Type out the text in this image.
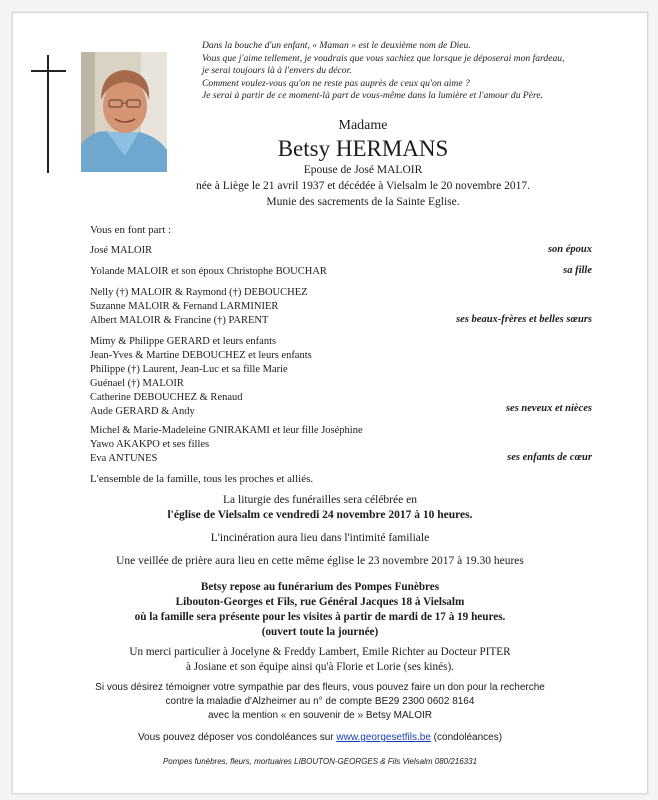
Dans la bouche d'un enfant, « Maman » est le deuxième nom de Dieu.
Vous que j'aime tellement, je voudrais que vous sachiez que lorsque je déposerai mon fardeau,
je serai toujours là à l'envers du décor.
Comment voulez-vous qu'on ne reste pas auprès de ceux qu'on aime ?
Je serai à partir de ce moment-là part de vous-même dans la lumière et l'amour du Père.
Madame
Betsy HERMANS
Epouse de José MALOIR
née à Liège le 21 avril 1937 et décédée à Vielsalm le 20 novembre 2017.
Munie des sacrements de la Sainte Eglise.
Vous en font part :
José MALOIR	son époux
Yolande MALOIR et son époux Christophe BOUCHAR	sa fille
Nelly (†) MALOIR & Raymond (†) DEBOUCHEZ
Suzanne MALOIR & Fernand LARMINIER
Albert MALOIR & Francine (†) PARENT	ses beaux-frères et belles sœurs
Mimy & Philippe GERARD et leurs enfants
Jean-Yves & Martine DEBOUCHEZ et leurs enfants
Philippe (†) Laurent, Jean-Luc et sa fille Marie
Guénael (†) MALOIR
Catherine DEBOUCHEZ & Renaud
Aude GERARD & Andy	ses neveux et nièces
Michel & Marie-Madeleine GNIRAKAMI et leur fille Joséphine
Yawo AKAKPO et ses filles
Eva ANTUNES	ses enfants de cœur
L'ensemble de la famille, tous les proches et alliés.
La liturgie des funérailles sera célébrée en
l'église de Vielsalm ce vendredi 24 novembre 2017 à 10 heures.
L'incinération aura lieu dans l'intimité familiale
Une veillée de prière aura lieu en cette même église le 23 novembre 2017 à 19.30 heures
Betsy repose au funérarium des Pompes Funèbres
Libouton-Georges et Fils, rue Général Jacques 18 à Vielsalm
où la famille sera présente pour les visites à partir de mardi de 17 à 19 heures.
(ouvert toute la journée)
Un merci particulier à Jocelyne & Freddy Lambert, Emile Richter au Docteur PITER
à Josiane et son équipe ainsi qu'à Florie et Lorie (ses kinés).
Si vous désirez témoigner votre sympathie par des fleurs, vous pouvez faire un don pour la recherche
contre la maladie d'Alzheimer au n° de compte BE29 2300 0602 8164
avec la mention « en souvenir de » Betsy MALOIR
Vous pouvez déposer vos condoléances sur www.georgesetfils.be (condoléances)
Pompes funèbres, fleurs, mortuaires LIBOUTON-GEORGES & Fils Vielsalm 080/216331
